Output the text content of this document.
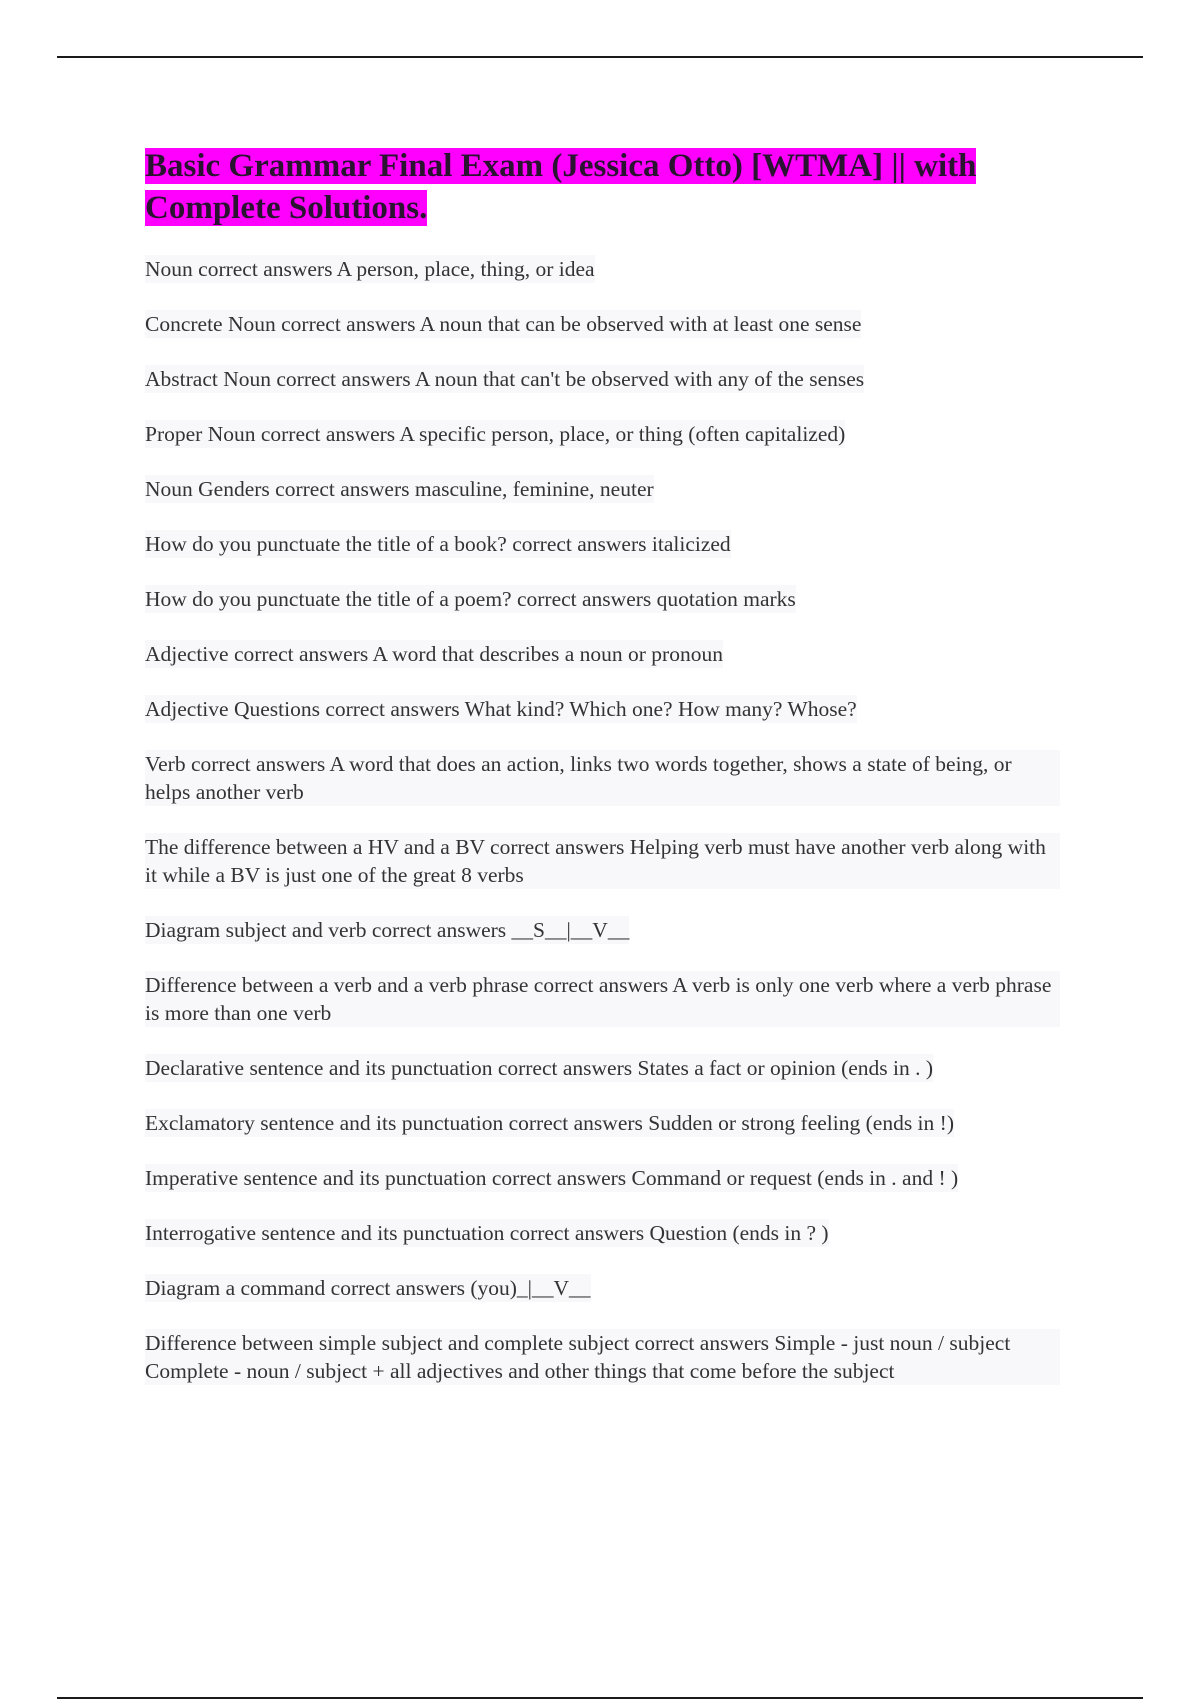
Basic Grammar Final Exam (Jessica Otto) [WTMA] || with Complete Solutions.
Noun correct answers A person, place, thing, or idea
Concrete Noun correct answers A noun that can be observed with at least one sense
Abstract Noun correct answers A noun that can't be observed with any of the senses
Proper Noun correct answers A specific person, place, or thing (often capitalized)
Noun Genders correct answers masculine, feminine, neuter
How do you punctuate the title of a book? correct answers italicized
How do you punctuate the title of a poem? correct answers quotation marks
Adjective correct answers A word that describes a noun or pronoun
Adjective Questions correct answers What kind? Which one? How many? Whose?
Verb correct answers A word that does an action, links two words together, shows a state of being, or helps another verb
The difference between a HV and a BV correct answers Helping verb must have another verb along with it while a BV is just one of the great 8 verbs
Diagram subject and verb correct answers __S__|__V__
Difference between a verb and a verb phrase correct answers A verb is only one verb where a verb phrase is more than one verb
Declarative sentence and its punctuation correct answers States a fact or opinion (ends in . )
Exclamatory sentence and its punctuation correct answers Sudden or strong feeling (ends in !)
Imperative sentence and its punctuation correct answers Command or request (ends in . and ! )
Interrogative sentence and its punctuation correct answers Question (ends in ? )
Diagram a command correct answers (you)_|__V__
Difference between simple subject and complete subject correct answers Simple - just noun / subject Complete - noun / subject + all adjectives and other things that come before the subject
